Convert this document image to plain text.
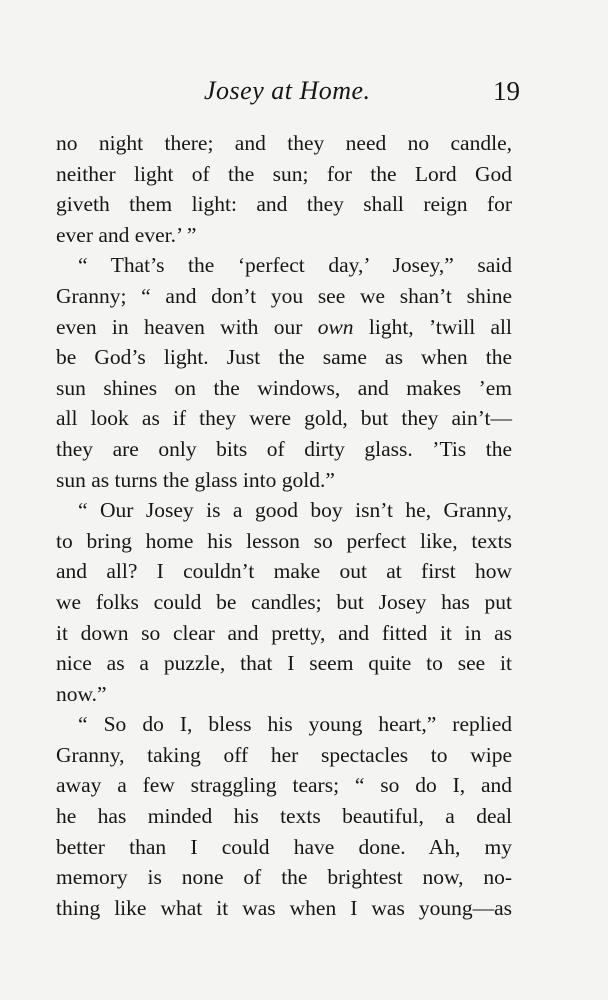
Josey at Home.	19
no night there; and they need no candle,
neither light of the sun; for the Lord God
giveth them light: and they shall reign for
ever and ever.’ ”
“ That’s the ‘perfect day,’ Josey,” said
Granny; “ and don’t you see we shan’t shine
even in heaven with our own light, ’twill all
be God’s light. Just the same as when the
sun shines on the windows, and makes ’em
all look as if they were gold, but they ain’t—
they are only bits of dirty glass. ’Tis the
sun as turns the glass into gold.”
“ Our Josey is a good boy isn’t he, Granny,
to bring home his lesson so perfect like, texts
and all? I couldn’t make out at first how
we folks could be candles; but Josey has put
it down so clear and pretty, and fitted it in as
nice as a puzzle, that I seem quite to see it
now.”
“ So do I, bless his young heart,” replied
Granny, taking off her spectacles to wipe
away a few straggling tears; “ so do I, and
he has minded his texts beautiful, a deal
better than I could have done. Ah, my
memory is none of the brightest now, no-
thing like what it was when I was young—as
